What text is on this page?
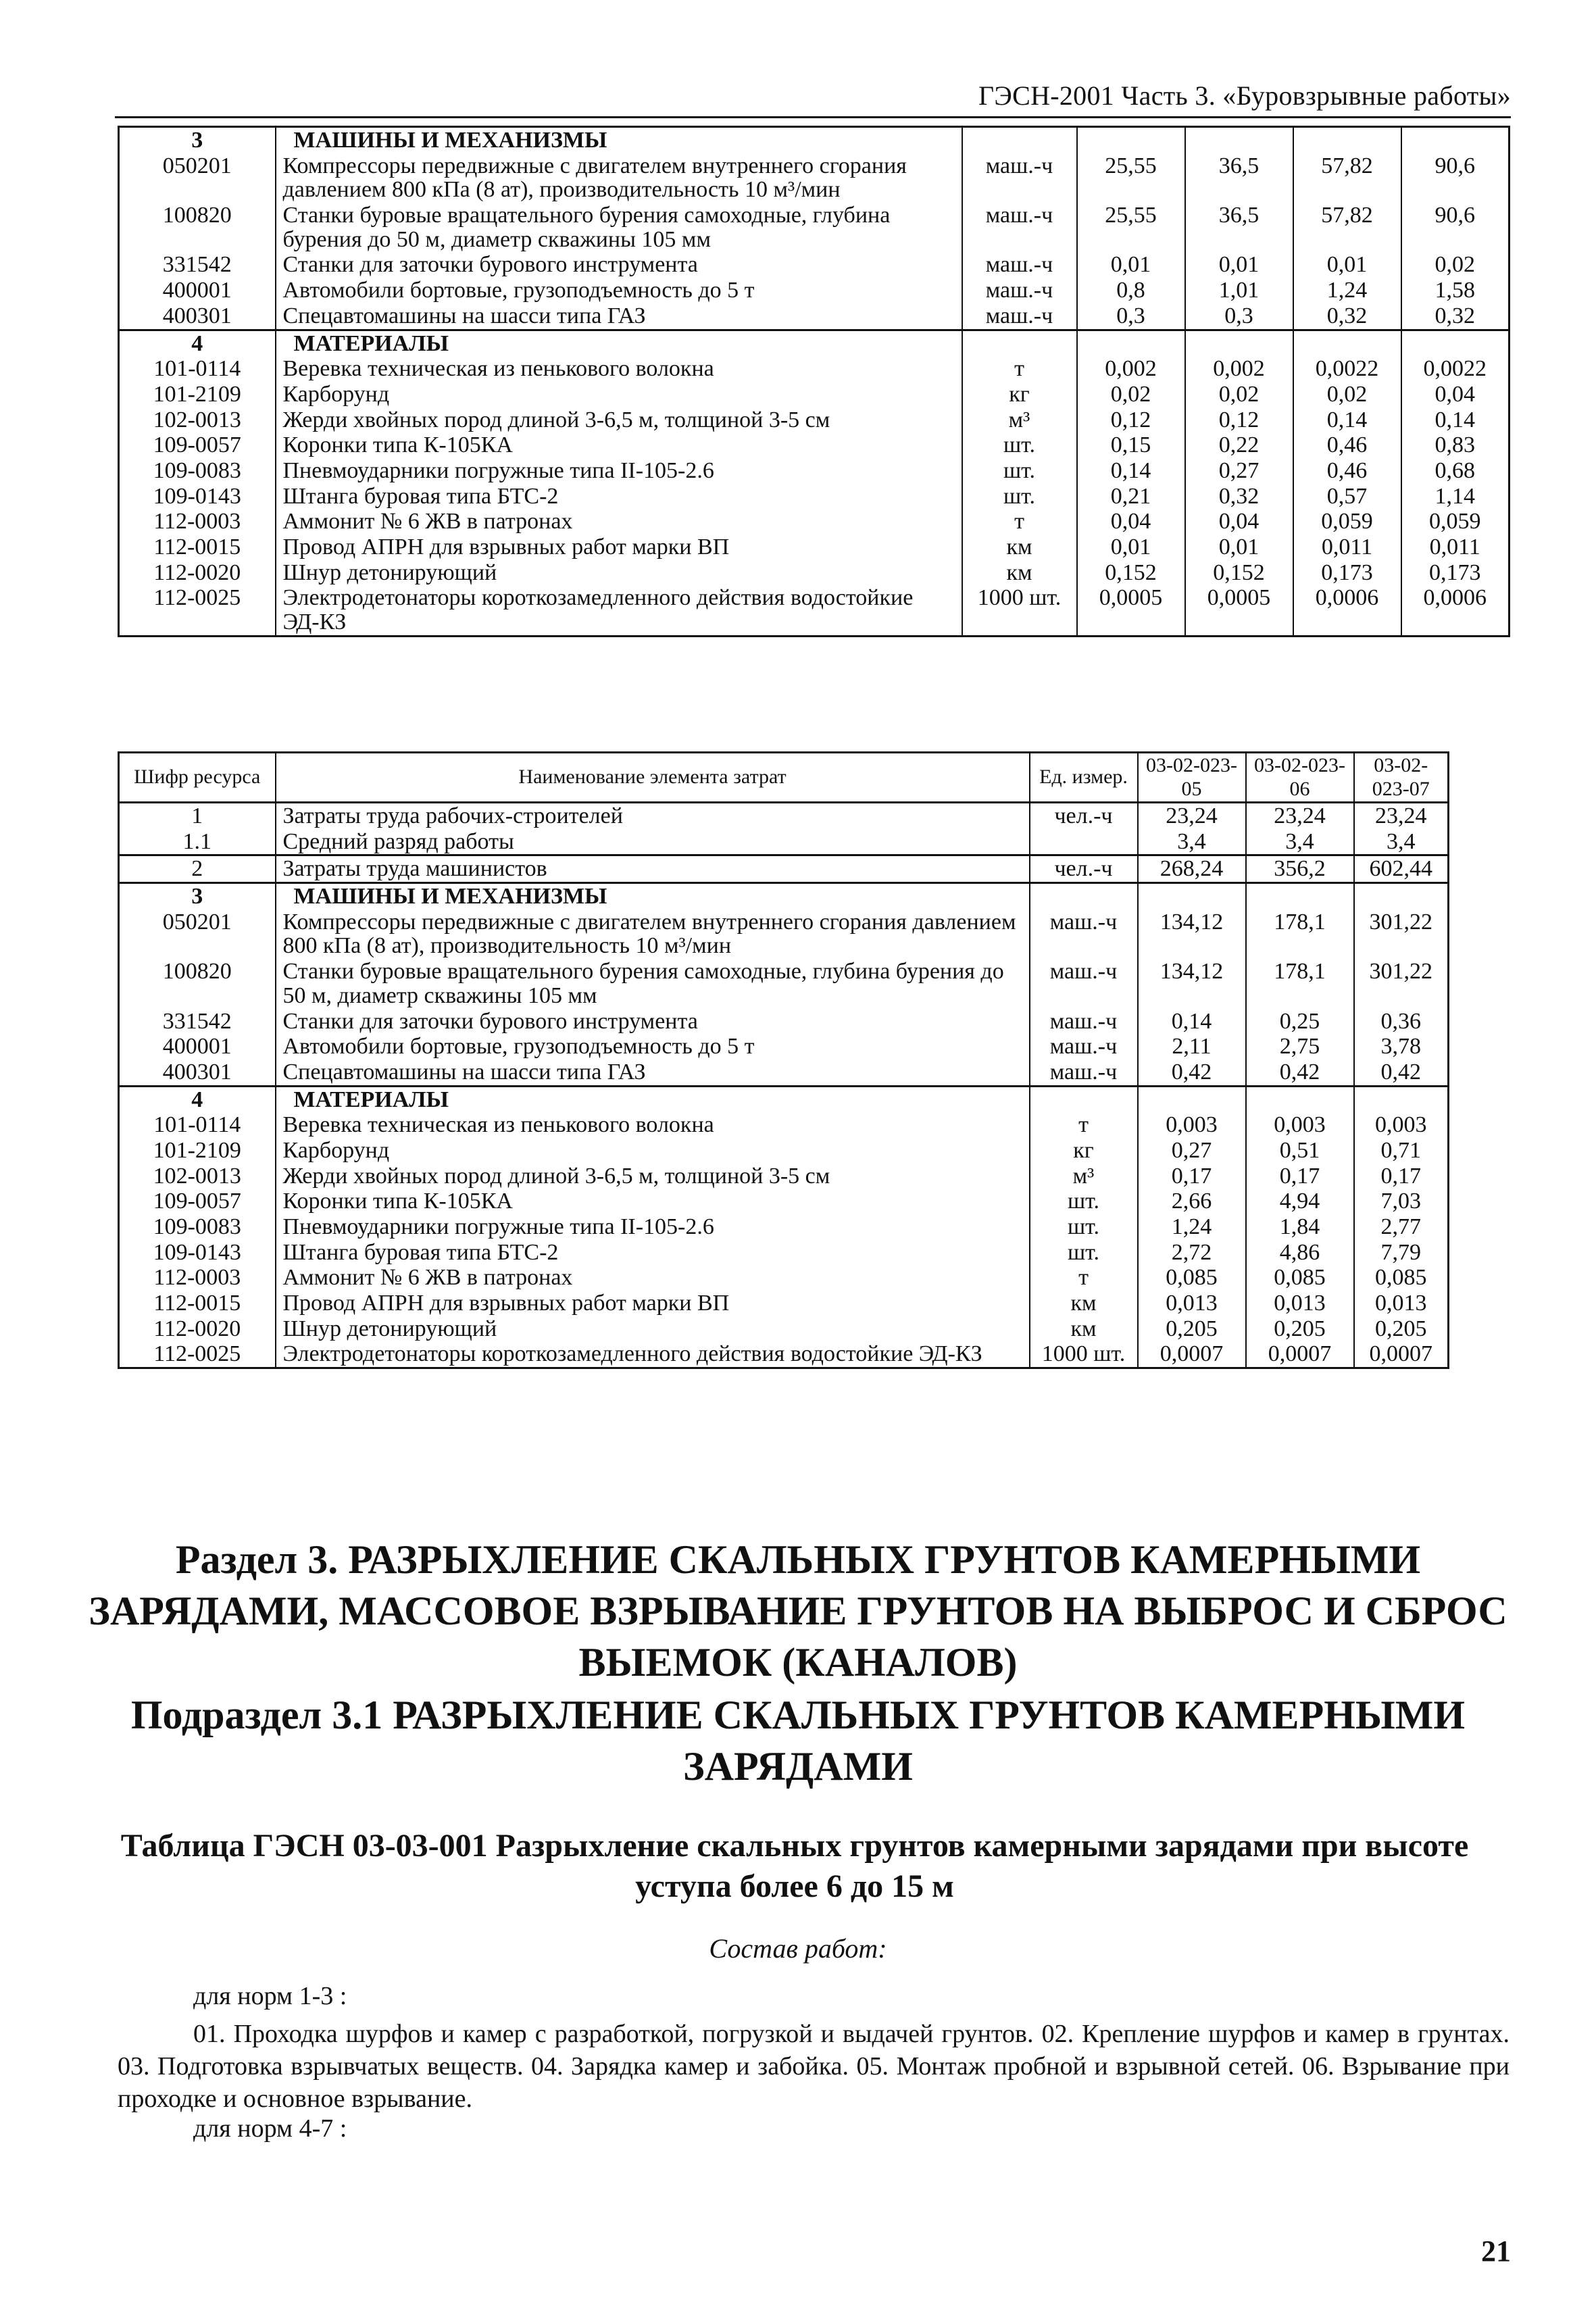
ГЭСН-2001 Часть 3. «Буровзрывные работы»
3	МАШИНЫ И МЕХАНИЗМЫ					
050201	Компрессоры передвижные с двигателем внутреннего сгорания давлением 800 кПа (8 ат), производительность 10 м³/мин	маш.-ч	25,55	36,5	57,82	90,6
100820	Станки буровые вращательного бурения самоходные, глубина бурения до 50 м, диаметр скважины 105 мм	маш.-ч	25,55	36,5	57,82	90,6
331542	Станки для заточки бурового инструмента	маш.-ч	0,01	0,01	0,01	0,02
400001	Автомобили бортовые, грузоподъемность до 5 т	маш.-ч	0,8	1,01	1,24	1,58
400301	Спецавтомашины на шасси типа ГАЗ	маш.-ч	0,3	0,3	0,32	0,32
4	МАТЕРИАЛЫ					
101-0114	Веревка техническая из пенькового волокна	т	0,002	0,002	0,0022	0,0022
101-2109	Карборунд	кг	0,02	0,02	0,02	0,04
102-0013	Жерди хвойных пород длиной 3-6,5 м, толщиной 3-5 см	м³	0,12	0,12	0,14	0,14
109-0057	Коронки типа К-105КА	шт.	0,15	0,22	0,46	0,83
109-0083	Пневмоударники погружные типа II-105-2.6	шт.	0,14	0,27	0,46	0,68
109-0143	Штанга буровая типа БТС-2	шт.	0,21	0,32	0,57	1,14
112-0003	Аммонит № 6 ЖВ в патронах	т	0,04	0,04	0,059	0,059
112-0015	Провод АПРН для взрывных работ марки ВП	км	0,01	0,01	0,011	0,011
112-0020	Шнур детонирующий	км	0,152	0,152	0,173	0,173
112-0025	Электродетонаторы короткозамедленного действия водостойкие ЭД-КЗ	1000 шт.	0,0005	0,0005	0,0006	0,0006
Шифр ресурса	Наименование элемента затрат	Ед. измер.	03-02-023-05	03-02-023-06	03-02-023-07
1	Затраты труда рабочих-строителей	чел.-ч	23,24	23,24	23,24
1.1	Средний разряд работы		3,4	3,4	3,4
2	Затраты труда машинистов	чел.-ч	268,24	356,2	602,44
3	МАШИНЫ И МЕХАНИЗМЫ				
050201	Компрессоры передвижные с двигателем внутреннего сгорания давлением 800 кПа (8 ат), производительность 10 м³/мин	маш.-ч	134,12	178,1	301,22
100820	Станки буровые вращательного бурения самоходные, глубина бурения до 50 м, диаметр скважины 105 мм	маш.-ч	134,12	178,1	301,22
331542	Станки для заточки бурового инструмента	маш.-ч	0,14	0,25	0,36
400001	Автомобили бортовые, грузоподъемность до 5 т	маш.-ч	2,11	2,75	3,78
400301	Спецавтомашины на шасси типа ГАЗ	маш.-ч	0,42	0,42	0,42
4	МАТЕРИАЛЫ				
101-0114	Веревка техническая из пенькового волокна	т	0,003	0,003	0,003
101-2109	Карборунд	кг	0,27	0,51	0,71
102-0013	Жерди хвойных пород длиной 3-6,5 м, толщиной 3-5 см	м³	0,17	0,17	0,17
109-0057	Коронки типа К-105КА	шт.	2,66	4,94	7,03
109-0083	Пневмоударники погружные типа II-105-2.6	шт.	1,24	1,84	2,77
109-0143	Штанга буровая типа БТС-2	шт.	2,72	4,86	7,79
112-0003	Аммонит № 6 ЖВ в патронах	т	0,085	0,085	0,085
112-0015	Провод АПРН для взрывных работ марки ВП	км	0,013	0,013	0,013
112-0020	Шнур детонирующий	км	0,205	0,205	0,205
112-0025	Электродетонаторы короткозамедленного действия водостойкие ЭД-КЗ	1000 шт.	0,0007	0,0007	0,0007
Раздел 3. РАЗРЫХЛЕНИЕ СКАЛЬНЫХ ГРУНТОВ КАМЕРНЫМИ ЗАРЯДАМИ, МАССОВОЕ ВЗРЫВАНИЕ ГРУНТОВ НА ВЫБРОС И СБРОС ВЫЕМОК (КАНАЛОВ)
Подраздел 3.1 РАЗРЫХЛЕНИЕ СКАЛЬНЫХ ГРУНТОВ КАМЕРНЫМИ ЗАРЯДАМИ
Таблица ГЭСН 03-03-001 Разрыхление скальных грунтов камерными зарядами при высоте уступа более 6 до 15 м
Состав работ:
для норм 1-3 :
01. Проходка шурфов и камер с разработкой, погрузкой и выдачей грунтов. 02. Крепление шурфов и камер в грунтах. 03. Подготовка взрывчатых веществ. 04. Зарядка камер и забойка. 05. Монтаж пробной и взрывной сетей. 06. Взрывание при проходке и основное взрывание.
для норм 4-7 :
21
